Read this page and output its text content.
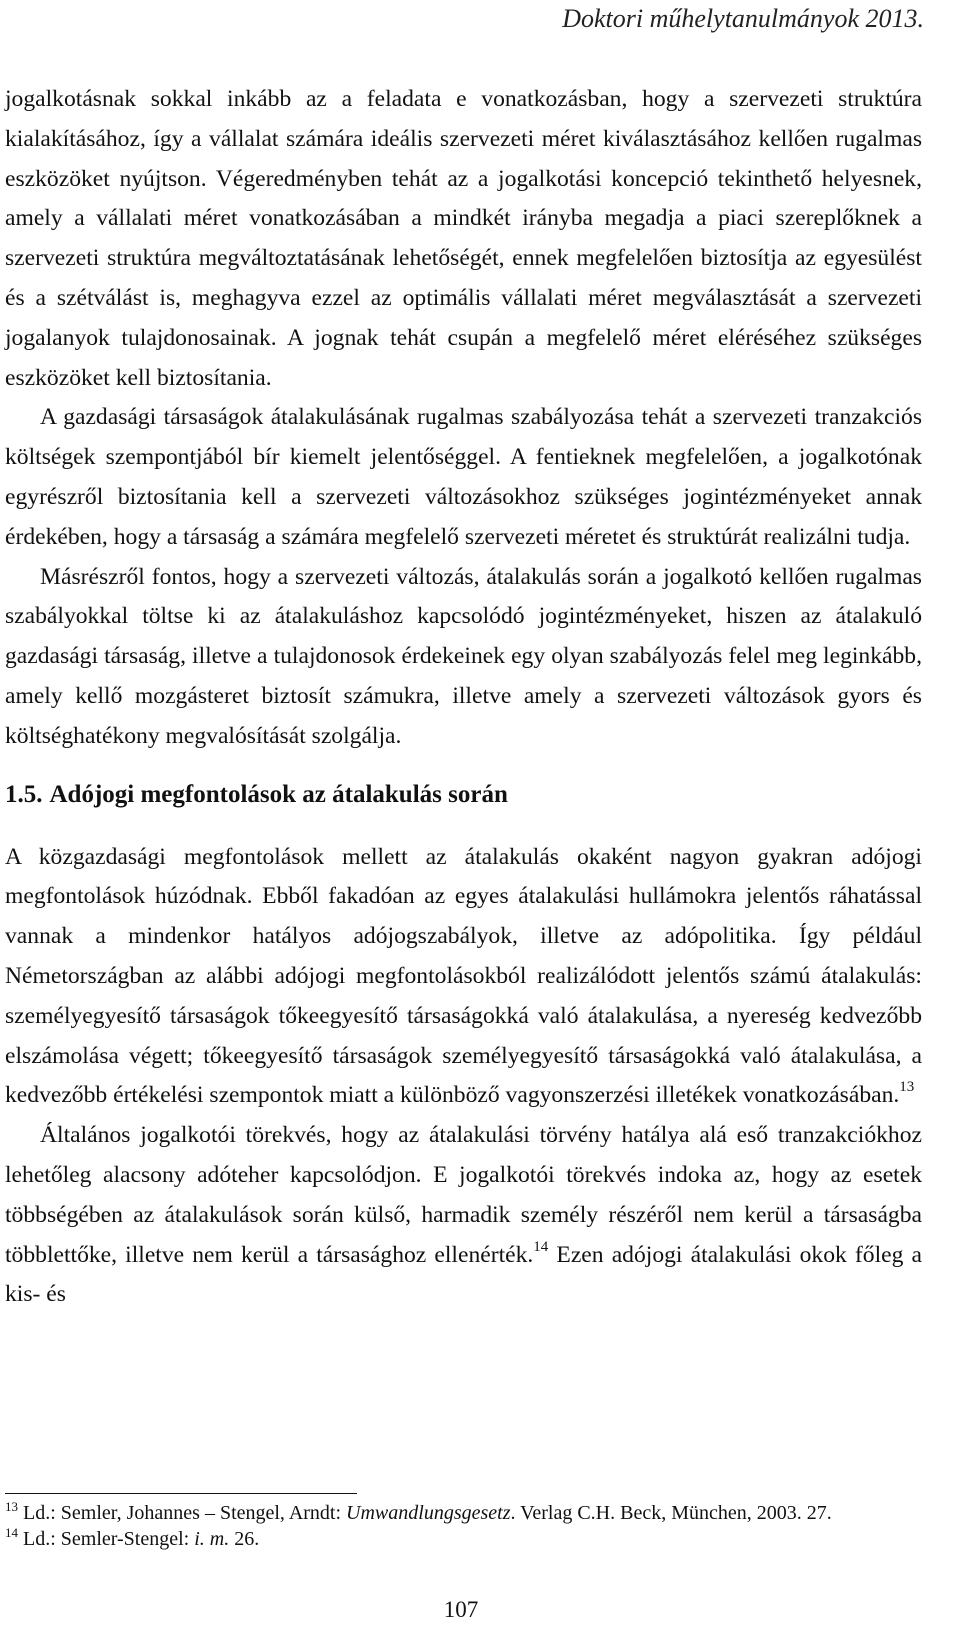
Doktori műhelytanulmányok 2013.

jogalkotásnak sokkal inkább az a feladata e vonatkozásban, hogy a szervezeti struktúra kialakításához, így a vállalat számára ideális szervezeti méret kiválasztásához kellően rugalmas eszközöket nyújtson. Végeredményben tehát az a jogalkotási koncepció tekinthető helyesnek, amely a vállalati méret vonatkozásában a mindkét irányba megadja a piaci szereplőknek a szervezeti struktúra megváltoztatásának lehetőségét, ennek megfelelően biztosítja az egyesülést és a szétválást is, meghagyva ezzel az optimális vállalati méret megválasztását a szervezeti jogalanyok tulajdonosainak. A jognak tehát csupán a megfelelő méret eléréséhez szükséges eszközöket kell biztosítania.

A gazdasági társaságok átalakulásának rugalmas szabályozása tehát a szervezeti tranzakciós költségek szempontjából bír kiemelt jelentőséggel. A fentieknek megfelelően, a jogalkotónak egyrészről biztosítania kell a szervezeti változásokhoz szükséges jogintézményeket annak érdekében, hogy a társaság a számára megfelelő szervezeti méretet és struktúrát realizálni tudja.

Másrészről fontos, hogy a szervezeti változás, átalakulás során a jogalkotó kellően rugalmas szabályokkal töltse ki az átalakuláshoz kapcsolódó jogintézményeket, hiszen az átalakuló gazdasági társaság, illetve a tulajdonosok érdekeinek egy olyan szabályozás felel meg leginkább, amely kellő mozgásteret biztosít számukra, illetve amely a szervezeti változások gyors és költséghatékony megvalósítását szolgálja.

1.5. Adójogi megfontolások az átalakulás során

A közgazdasági megfontolások mellett az átalakulás okaként nagyon gyakran adójogi megfontolások húzódnak. Ebből fakadóan az egyes átalakulási hullámokra jelentős ráhatással vannak a mindenkor hatályos adójogszabályok, illetve az adópolitika. Így például Németországban az alábbi adójogi megfontolásokból realizálódott jelentős számú átalakulás: személyegyesítő társaságok tőkeegyesítő társaságokká való átalakulása, a nyereség kedvezőbb elszámolása végett; tőkeegyesítő társaságok személyegyesítő társaságokká való átalakulása, a kedvezőbb értékelési szempontok miatt a különböző vagyonszerzési illetékek vonatkozásában.$^{13}$

Általános jogalkotói törekvés, hogy az átalakulási törvény hatálya alá eső tranzakciókhoz lehetőleg alacsony adóteher kapcsolódjon. E jogalkotói törekvés indoka az, hogy az esetek többségében az átalakulások során külső, harmadik személy részéről nem kerül a társaságba többlettőke, illetve nem kerül a társasághoz ellenérték.$^{14}$ Ezen adójogi átalakulási okok főleg a kis- és

$^{13}$ Ld.: Semler, Johannes – Stengel, Arndt: Umwandlungsgesetz. Verlag C.H. Beck, München, 2003. 27.

$^{14}$ Ld.: Semler-Stengel: i. m. 26.

107
